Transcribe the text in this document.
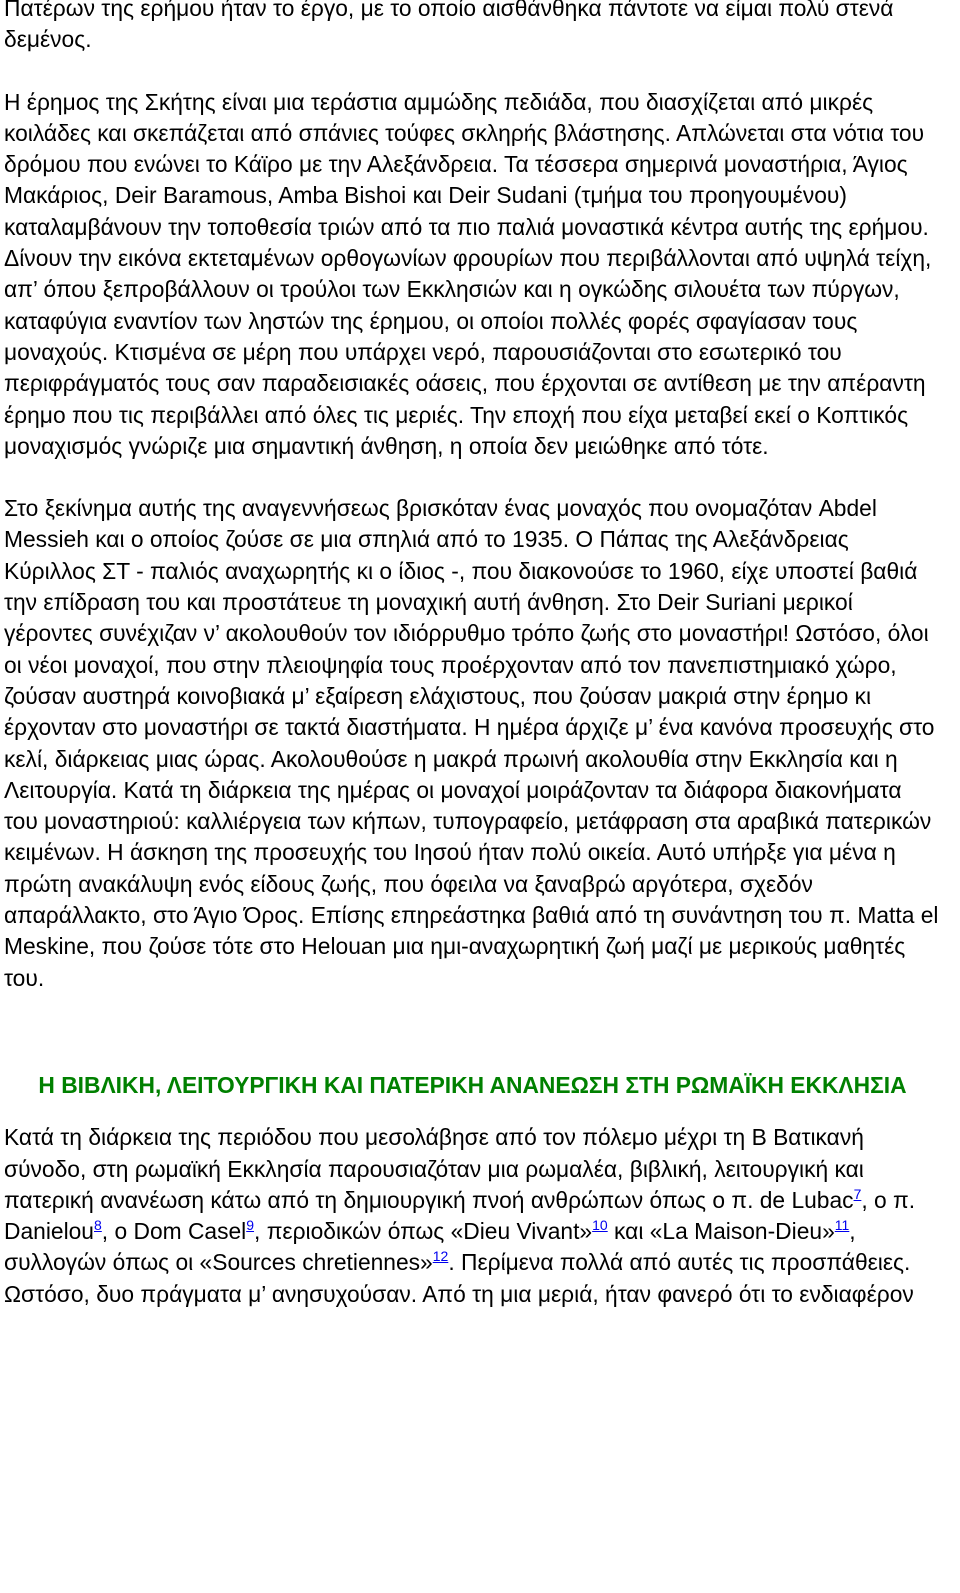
Πατέρων της ερήμου ήταν το έργο, με το οποίο αισθάνθηκα πάντοτε να είμαι πολύ στενά δεμένος.

Η έρημος της Σκήτης είναι μια τεράστια αμμώδης πεδιάδα, που διασχίζεται από μικρές κοιλάδες και σκεπάζεται από σπάνιες τούφες σκληρής βλάστησης. Απλώνεται στα νότια του δρόμου που ενώνει το Κάϊρο με την Αλεξάνδρεια. Τα τέσσερα σημερινά μοναστήρια, Άγιος Μακάριος, Deir Baramous, Amba Bishoi και Deir Sudani (τμήμα του προηγουμένου) καταλαμβάνουν την τοποθεσία τριών από τα πιο παλιά μοναστικά κέντρα αυτής της ερήμου. Δίνουν την εικόνα εκτεταμένων ορθογωνίων φρουρίων που περιβάλλονται από υψηλά τείχη, απ’ όπου ξεπροβάλλουν οι τρούλοι των Εκκλησιών και η ογκώδης σιλουέτα των πύργων, καταφύγια εναντίον των ληστών της έρημου, οι οποίοι πολλές φορές σφαγίασαν τους μοναχούς. Κτισμένα σε μέρη που υπάρχει νερό, παρουσιάζονται στο εσωτερικό του περιφράγματός τους σαν παραδεισιακές οάσεις, που έρχονται σε αντίθεση με την απέραντη έρημο που τις περιβάλλει από όλες τις μεριές. Την εποχή που είχα μεταβεί εκεί ο Κοπτικός μοναχισμός γνώριζε μια σημαντική άνθηση, η οποία δεν μειώθηκε από τότε.

Στο ξεκίνημα αυτής της αναγεννήσεως βρισκόταν ένας μοναχός που ονομαζόταν Abdel Messieh και ο οποίος ζούσε σε μια σπηλιά από το 1935. Ο Πάπας της Αλεξάνδρειας Κύριλλος ΣΤ - παλιός αναχωρητής κι ο ίδιος -, που διακονούσε το 1960, είχε υποστεί βαθιά την επίδραση του και προστάτευε τη μοναχική αυτή άνθηση. Στο Deir Suriani μερικοί γέροντες συνέχιζαν ν’ ακολουθούν τον ιδιόρρυθμο τρόπο ζωής στο μοναστήρι! Ωστόσο, όλοι οι νέοι μοναχοί, που στην πλειοψηφία τους προέρχονταν από τον πανεπιστημιακό χώρο, ζούσαν αυστηρά κοινοβιακά μ’ εξαίρεση ελάχιστους, που ζούσαν μακριά στην έρημο κι έρχονταν στο μοναστήρι σε τακτά διαστήματα. Η ημέρα άρχιζε μ’ ένα κανόνα προσευχής στο κελί, διάρκειας μιας ώρας. Ακολουθούσε η μακρά πρωινή ακολουθία στην Εκκλησία και η Λειτουργία. Κατά τη διάρκεια της ημέρας οι μοναχοί μοιράζονταν τα διάφορα διακονήματα του μοναστηριού: καλλιέργεια των κήπων, τυπογραφείο, μετάφραση στα αραβικά πατερικών κειμένων. Η άσκηση της προσευχής του Ιησού ήταν πολύ οικεία. Αυτό υπήρξε για μένα η πρώτη ανακάλυψη ενός είδους ζωής, που όφειλα να ξαναβρώ αργότερα, σχεδόν απαράλλακτο, στο Άγιο Όρος. Επίσης επηρεάστηκα βαθιά από τη συνάντηση του π. Matta el Meskine, που ζούσε τότε στο Helouan μια ημι-αναχωρητική ζωή μαζί με μερικούς μαθητές του.

Η ΒΙΒΛΙΚΗ, ΛΕΙΤΟΥΡΓΙΚΗ ΚΑΙ ΠΑΤΕΡΙΚΗ ΑΝΑΝΕΩΣΗ ΣΤΗ ΡΩΜΑΪΚΗ ΕΚΚΛΗΣΙΑ

Κατά τη διάρκεια της περιόδου που μεσολάβησε από τον πόλεμο μέχρι τη Β Βατικανή σύνοδο, στη ρωμαϊκή Εκκλησία παρουσιαζόταν μια ρωμαλέα, βιβλική, λειτουργική και πατερική ανανέωση κάτω από τη δημιουργική πνοή ανθρώπων όπως ο π. de Lubac$^7$, ο π. Danielou$^8$, ο Dom Casel$^9$, περιοδικών όπως «Dieu Vivant»$^{10}$ και «La Maison-Dieu»$^{11}$, συλλογών όπως οι «Sources chretiennes»$^{12}$. Περίμενα πολλά από αυτές τις προσπάθειες. Ωστόσο, δυο πράγματα μ’ ανησυχούσαν. Από τη μια μεριά, ήταν φανερό ότι το ενδιαφέρον
